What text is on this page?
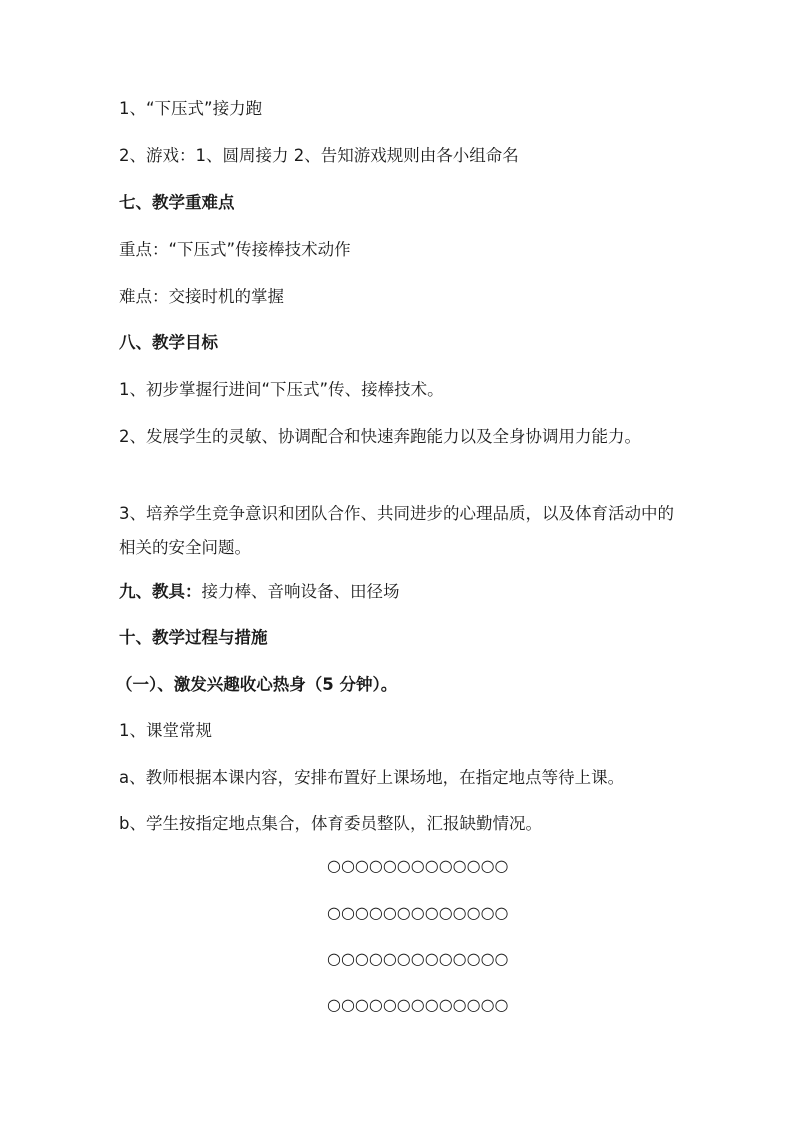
1、“下压式”接力跑
2、游戏：1、圆周接力 2、告知游戏规则由各小组命名
七、教学重难点
重点：“下压式”传接棒技术动作
难点：交接时机的掌握
八、教学目标
1、初步掌握行进间“下压式”传、接棒技术。
2、发展学生的灵敏、协调配合和快速奔跑能力以及全身协调用力能力。
3、培养学生竞争意识和团队合作、共同进步的心理品质，以及体育活动中的相关的安全问题。
九、教具：接力棒、音响设备、田径场
十、教学过程与措施
（一）、激发兴趣收心热身（5 分钟）。
1、课堂常规
a、教师根据本课内容，安排布置好上课场地，在指定地点等待上课。
b、学生按指定地点集合，体育委员整队，汇报缺勤情况。
○○○○○○○○○○○○○
○○○○○○○○○○○○○
○○○○○○○○○○○○○
○○○○○○○○○○○○○
